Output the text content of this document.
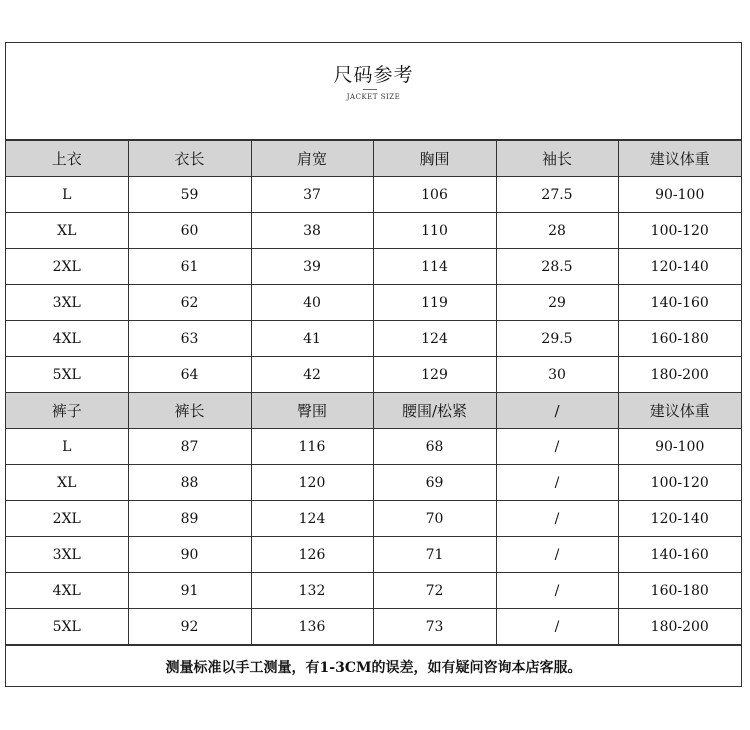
尺码参考
JACKET SIZE
上衣	衣长	肩宽	胸围	袖长	建议体重
L	59	37	106	27.5	90-100
XL	60	38	110	28	100-120
2XL	61	39	114	28.5	120-140
3XL	62	40	119	29	140-160
4XL	63	41	124	29.5	160-180
5XL	64	42	129	30	180-200
裤子	裤长	臀围	腰围/松紧	/	建议体重
L	87	116	68	/	90-100
XL	88	120	69	/	100-120
2XL	89	124	70	/	120-140
3XL	90	126	71	/	140-160
4XL	91	132	72	/	160-180
5XL	92	136	73	/	180-200
测量标准以手工测量，有1-3CM的误差，如有疑问咨询本店客服。
